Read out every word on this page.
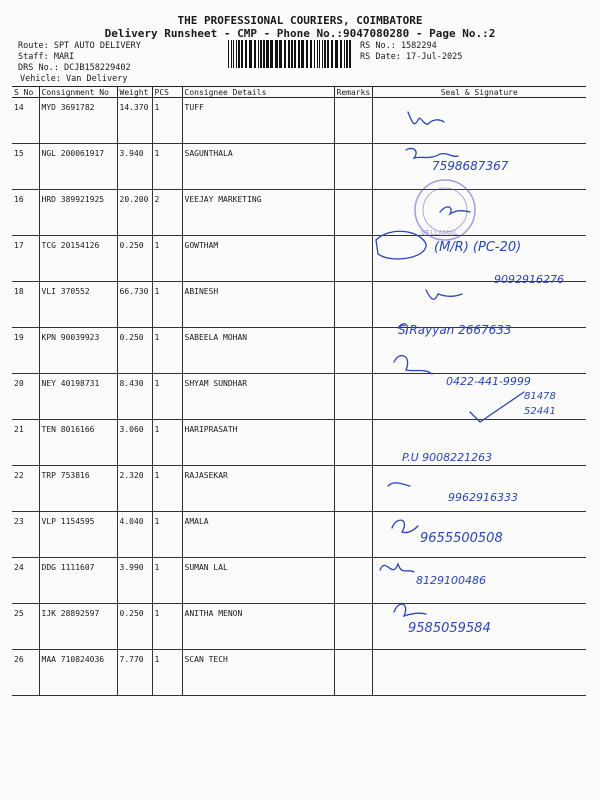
THE PROFESSIONAL COURIERS, COIMBATORE
Delivery Runsheet - CMP - Phone No.:9047080280 - Page No.:2
Route: SPT AUTO DELIVERY
Staff: MARI
DRS No.: DCJB158229402
Vehicle: Van Delivery
RS No.: 1582294
RS Date: 17-Jul-2025
S No	Consignment No	Weight	PCS	Consignee Details	Remarks	Seal & Signature
14	MYD 3691782	14.370	1	TUFF		
15	NGL 200061917	3.940	1	SAGUNTHALA		
16	HRD 389921925	20.200	2	VEEJAY MARKETING		
17	TCG 20154126	0.250	1	GOWTHAM		
18	VLI 370552	66.730	1	ABINESH		
19	KPN 90039923	0.250	1	SABEELA MOHAN		
20	NEY 40198731	8.430	1	SHYAM SUNDHAR		
21	TEN 8016166	3.060	1	HARIPRASATH		
22	TRP 753816	2.320	1	RAJASEKAR		
23	VLP 1154595	4.040	1	AMALA		
24	DDG 1111607	3.990	1	SUMAN LAL		
25	IJK 28892597	0.250	1	ANITHA MENON		
26	MAA 710824036	7.770	1	SCAN TECH		
VELLAMAL
7598687367
(M/R) (PC-20)
9092916276
S Rayyan 2667633
0422-441-9999
81478
52441
P.U 9008221263
9962916333
9655500508
8129100486
9585059584
